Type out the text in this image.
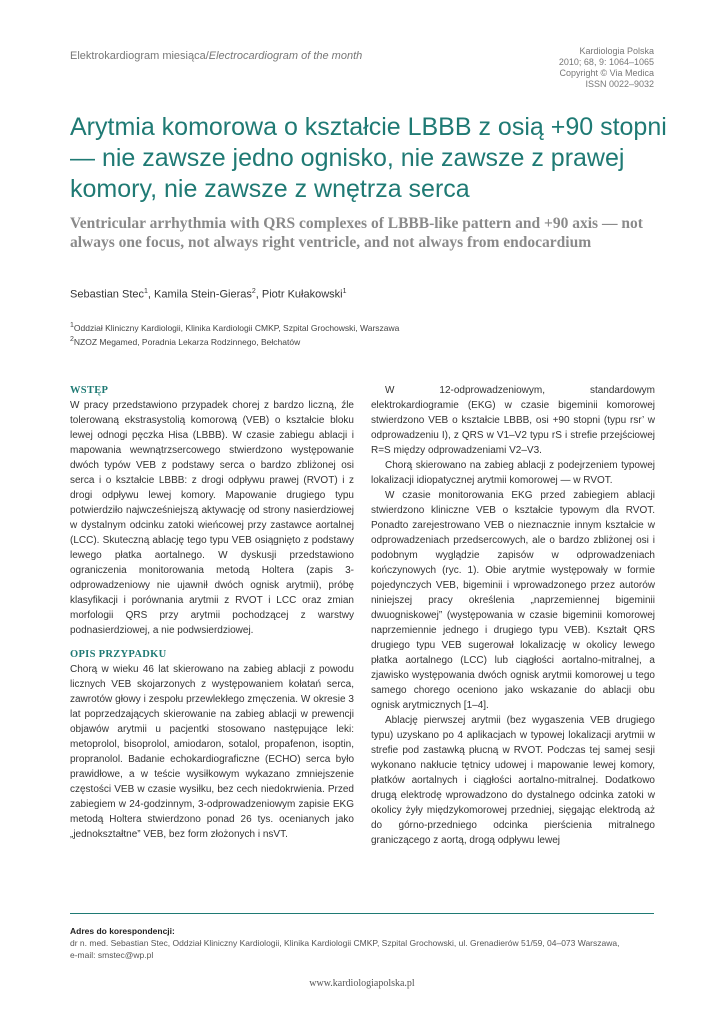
Elektrokardiogram miesiąca/Electrocardiogram of the month	Kardiologia Polska
2010; 68, 9: 1064–1065
Copyright © Via Medica
ISSN 0022–9032
Arytmia komorowa o kształcie LBBB z osią +90 stopni — nie zawsze jedno ognisko, nie zawsze z prawej komory, nie zawsze z wnętrza serca
Ventricular arrhythmia with QRS complexes of LBBB-like pattern and +90 axis — not always one focus, not always right ventricle, and not always from endocardium
Sebastian Stec$^1$, Kamila Stein-Gieras$^2$, Piotr Kułakowski$^1$
$^1$Oddział Kliniczny Kardiologii, Klinika Kardiologii CMKP, Szpital Grochowski, Warszawa
$^2$NZOZ Megamed, Poradnia Lekarza Rodzinnego, Bełchatów
WSTĘP

W pracy przedstawiono przypadek chorej z bardzo liczną, źle tolerowaną ekstrasystolią komorową (VEB) o kształcie bloku lewej odnogi pęczka Hisa (LBBB). W czasie zabiegu ablacji i mapowania wewnątrzsercowego stwierdzono występowanie dwóch typów VEB z podstawy serca o bardzo zbliżonej osi serca i o kształcie LBBB: z drogi odpływu prawej (RVOT) i z drogi odpływu lewej komory. Mapowanie drugiego typu potwierdziło najwcześniejszą aktywację od strony nasierdziowej w dystalnym odcinku zatoki wieńcowej przy zastawce aortalnej (LCC). Skuteczną ablację tego typu VEB osiągnięto z podstawy lewego płatka aortalnego. W dyskusji przedstawiono ograniczenia monitorowania metodą Holtera (zapis 3-odprowadzeniowy nie ujawnił dwóch ognisk arytmii), próbę klasyfikacji i porównania arytmii z RVOT i LCC oraz zmian morfologii QRS przy arytmii pochodzącej z warstwy podnasierdziowej, a nie podwsierdziowej.

OPIS PRZYPADKU

Chorą w wieku 46 lat skierowano na zabieg ablacji z powodu licznych VEB skojarzonych z występowaniem kołatań serca, zawrotów głowy i zespołu przewlekłego zmęczenia. W okresie 3 lat poprzedzających skierowanie na zabieg ablacji w prewencji objawów arytmii u pacjentki stosowano następujące leki: metoprolol, bisoprolol, amiodaron, sotalol, propafenon, isoptin, propranolol. Badanie echokardiograficzne (ECHO) serca było prawidłowe, a w teście wysiłkowym wykazano zmniejszenie częstości VEB w czasie wysiłku, bez cech niedokrwienia. Przed zabiegiem w 24-godzinnym, 3-odprowadzeniowym zapisie EKG metodą Holtera stwierdzono ponad 26 tys. ocenianych jako „jednokształtne” VEB, bez form złożonych i nsVT.

W 12-odprowadzeniowym, standardowym elektrokardiogramie (EKG) w czasie bigeminii komorowej stwierdzono VEB o kształcie LBBB, osi +90 stopni (typu rsr’ w odprowadzeniu I), z QRS w V1–V2 typu rS i strefie przejściowej R=S między odprowadzeniami V2–V3.

Chorą skierowano na zabieg ablacji z podejrzeniem typowej lokalizacji idiopatycznej arytmii komorowej — w RVOT.

W czasie monitorowania EKG przed zabiegiem ablacji stwierdzono kliniczne VEB o kształcie typowym dla RVOT. Ponadto zarejestrowano VEB o nieznacznie innym kształcie w odprowadzeniach przedsercowych, ale o bardzo zbliżonej osi i podobnym wyglądzie zapisów w odprowadzeniach kończynowych (ryc. 1). Obie arytmie występowały w formie pojedynczych VEB, bigeminii i wprowadzonego przez autorów niniejszej pracy określenia „naprzemiennej bigeminii dwuogniskowej” (występowania w czasie bigeminii komorowej naprzemiennie jednego i drugiego typu VEB). Kształt QRS drugiego typu VEB sugerował lokalizację w okolicy lewego płatka aortalnego (LCC) lub ciągłości aortalno-mitralnej, a zjawisko występowania dwóch ognisk arytmii komorowej u tego samego chorego oceniono jako wskazanie do ablacji obu ognisk arytmicznych [1–4].

Ablację pierwszej arytmii (bez wygaszenia VEB drugiego typu) uzyskano po 4 aplikacjach w typowej lokalizacji arytmii w strefie pod zastawką płucną w RVOT. Podczas tej samej sesji wykonano nakłucie tętnicy udowej i mapowanie lewej komory, płatków aortalnych i ciągłości aortalno-mitralnej. Dodatkowo drugą elektrodę wprowadzono do dystalnego odcinka zatoki w okolicy żyły międzykomorowej przedniej, sięgając elektrodą aż do górno-przedniego odcinka pierścienia mitralnego graniczącego z aortą, drogą odpływu lewej

Adres do korespondencji:
dr n. med. Sebastian Stec, Oddział Kliniczny Kardiologii, Klinika Kardiologii CMKP, Szpital Grochowski, ul. Grenadierów 51/59, 04–073 Warszawa,
e-mail: smstec@wp.pl
www.kardiologiapolska.pl
